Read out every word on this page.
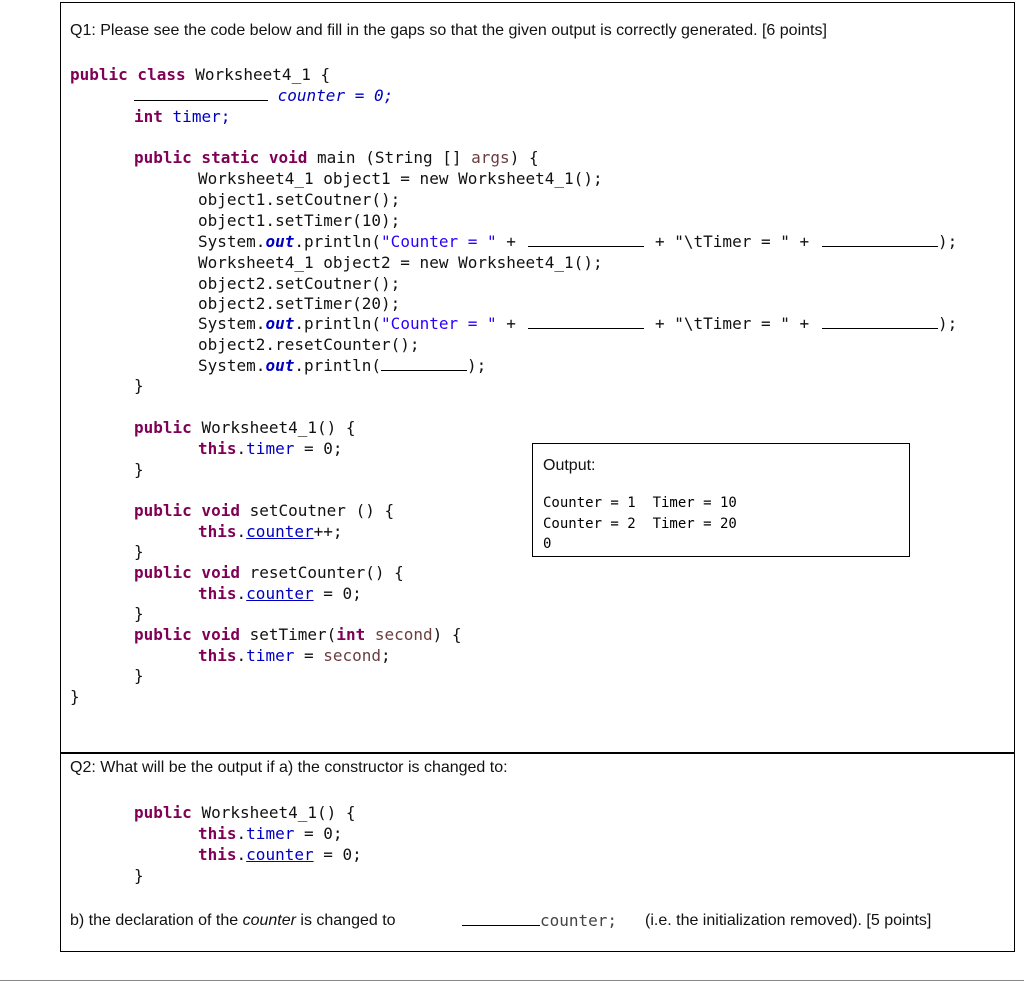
Q1: Please see the code below and fill in the gaps so that the given output is correctly generated. [6 points]
public class Worksheet4_1 {
counter = 0;
int timer;
public static void main (String [] args) {
Worksheet4_1 object1 = new Worksheet4_1();
object1.setCoutner();
object1.setTimer(10);
System.out.println("Counter = " +	+ "\tTimer = " +	);
Worksheet4_1 object2 = new Worksheet4_1();
object2.setCoutner();
object2.setTimer(20);
System.out.println("Counter = " +	+ "\tTimer = " +	);
object2.resetCounter();
System.out.println(	);
}
public Worksheet4_1() {
this.timer = 0;
}
public void setCoutner () {
this.counter++;
}
public void resetCounter() {
this.counter = 0;
}
public void setTimer(int second) {
this.timer = second;
}
}
Output:
Counter = 1  Timer = 10
Counter = 2  Timer = 20
0
Q2: What will be the output if a) the constructor is changed to:
public Worksheet4_1() {
this.timer = 0;
this.counter = 0;
}
b) the declaration of the counter is changed to	counter; (i.e. the initialization removed). [5 points]
